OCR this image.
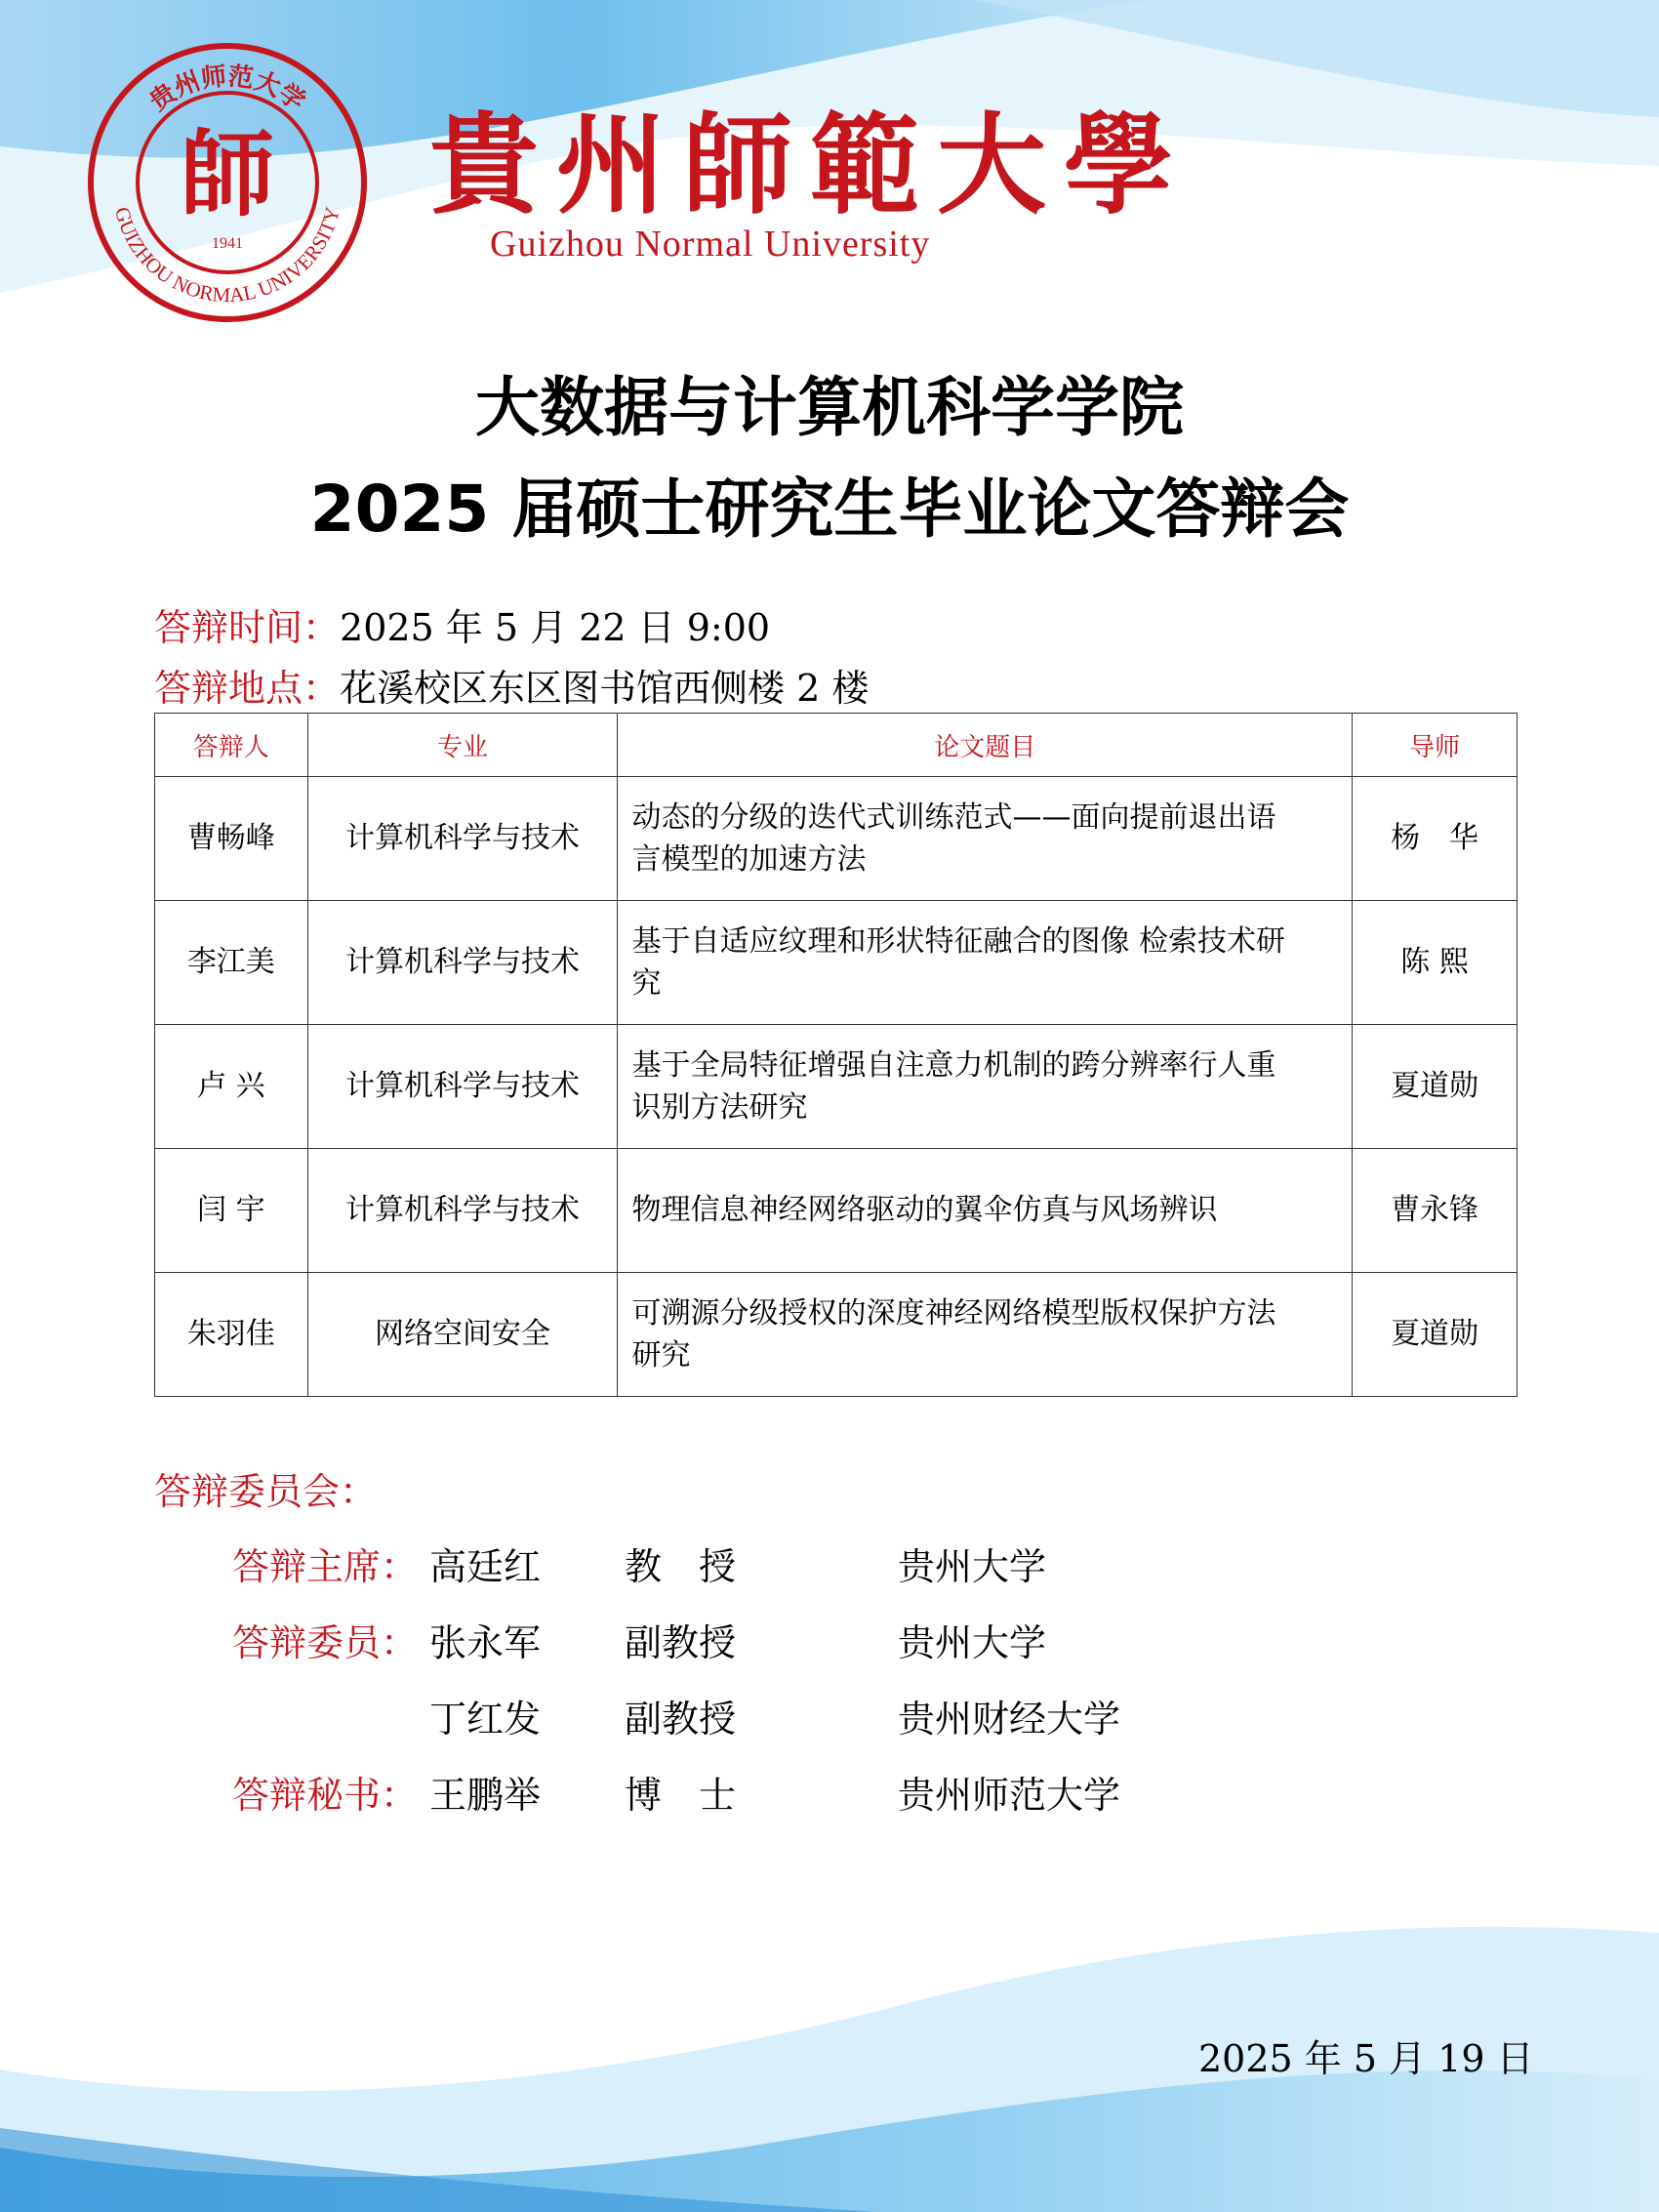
贵州师范大学
GUIZHOU NORMAL UNIVERSITY
師
1941
貴州師範大學
Guizhou Normal University
大数据与计算机科学学院
2025 届硕士研究生毕业论文答辩会
答辩时间：2025 年 5 月 22 日 9:00
答辩地点：花溪校区东区图书馆西侧楼 2 楼
答辩人	专业	论文题目	导师
曹畅峰	计算机科学与技术	动态的分级的迭代式训练范式——面向提前退出语
言模型的加速方法	杨　华
李江美	计算机科学与技术	基于自适应纹理和形状特征融合的图像 检索技术研
究	陈 熙
卢 兴	计算机科学与技术	基于全局特征增强自注意力机制的跨分辨率行人重
识别方法研究	夏道勋
闫 宇	计算机科学与技术	物理信息神经网络驱动的翼伞仿真与风场辨识	曹永锋
朱羽佳	网络空间安全	可溯源分级授权的深度神经网络模型版权保护方法
研究	夏道勋
答辩委员会：
答辩主席： 高廷红 教　授	贵州大学
答辩委员： 张永军 副教授	贵州大学
丁红发 副教授	贵州财经大学
答辩秘书： 王鹏举 博　士	贵州师范大学
2025 年 5 月 19 日
